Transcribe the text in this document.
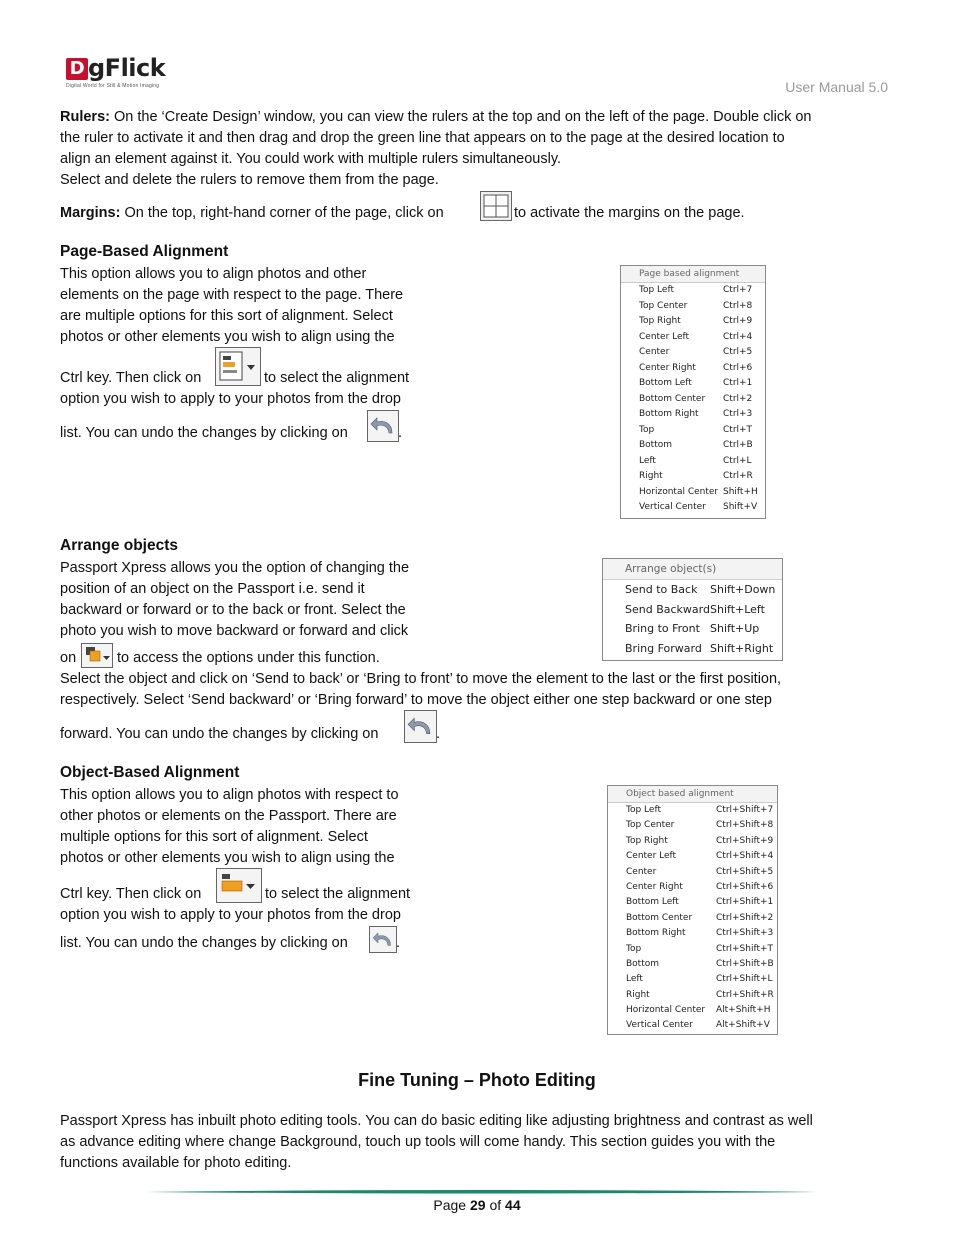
D gFlick
Digital World for Still & Motion Imaging	User Manual 5.0
Rulers: On the ‘Create Design’ window, you can view the rulers at the top and on the left of the page. Double click on
the ruler to activate it and then drag and drop the green line that appears on to the page at the desired location to
align an element against it. You could work with multiple rulers simultaneously.
Select and delete the rulers to remove them from the page.
Margins: On the top, right-hand corner of the page, click on	to activate the margins on the page.
Page-Based Alignment
This option allows you to align photos and other
elements on the page with respect to the page. There
are multiple options for this sort of alignment. Select
photos or other elements you wish to align using the
Ctrl key. Then click on	to select the alignment
option you wish to apply to your photos from the drop
list. You can undo the changes by clicking on	.
Page based alignment
Top Left	Ctrl+7
Top Center	Ctrl+8
Top Right	Ctrl+9
Center Left	Ctrl+4
Center	Ctrl+5
Center Right	Ctrl+6
Bottom Left	Ctrl+1
Bottom Center Ctrl+2
Bottom Right	Ctrl+3
Top	Ctrl+T
Bottom	Ctrl+B
Left	Ctrl+L
Right	Ctrl+R
Horizontal Center Shift+H
Vertical Center Shift+V
Arrange objects
Passport Xpress allows you the option of changing the
position of an object on the Passport i.e. send it
backward or forward or to the back or front. Select the
photo you wish to move backward or forward and click
on	to access the options under this function.
Select the object and click on ‘Send to back’ or ‘Bring to front’ to move the element to the last or the first position,
respectively. Select ‘Send backward’ or ‘Bring forward’ to move the object either one step backward or one step
forward. You can undo the changes by clicking on	.
Arrange object(s)
Send to Back Shift+Down
Send Backward Shift+Left
Bring to Front Shift+Up
Bring Forward Shift+Right
Object-Based Alignment
This option allows you to align photos with respect to
other photos or elements on the Passport. There are
multiple options for this sort of alignment. Select
photos or other elements you wish to align using the
Ctrl key. Then click on	to select the alignment
option you wish to apply to your photos from the drop
list. You can undo the changes by clicking on	.
Object based alignment
Top Left	Ctrl+Shift+7
Top Center	Ctrl+Shift+8
Top Right	Ctrl+Shift+9
Center Left	Ctrl+Shift+4
Center	Ctrl+Shift+5
Center Right	Ctrl+Shift+6
Bottom Left	Ctrl+Shift+1
Bottom Center	Ctrl+Shift+2
Bottom Right	Ctrl+Shift+3
Top	Ctrl+Shift+T
Bottom	Ctrl+Shift+B
Left	Ctrl+Shift+L
Right	Ctrl+Shift+R
Horizontal Center Alt+Shift+H
Vertical Center	Alt+Shift+V
Fine Tuning – Photo Editing
Passport Xpress has inbuilt photo editing tools. You can do basic editing like adjusting brightness and contrast as well
as advance editing where change Background, touch up tools will come handy. This section guides you with the
functions available for photo editing.
Page 29 of 44
